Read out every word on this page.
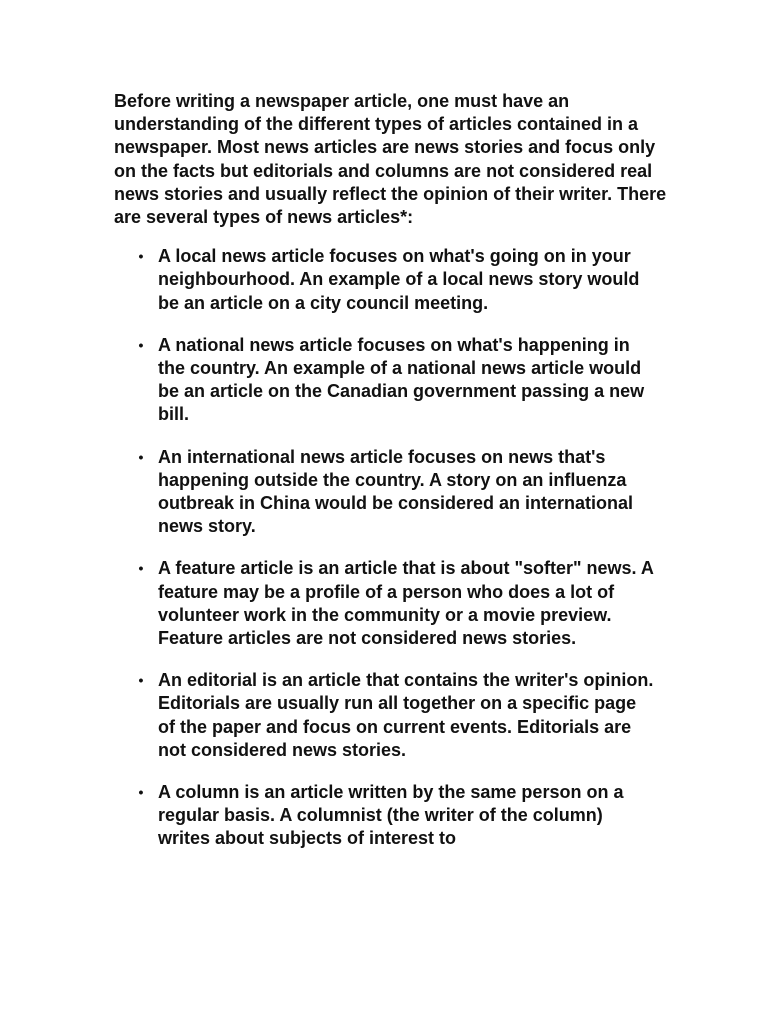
Before writing a newspaper article, one must have an understanding of the different types of articles contained in a newspaper. Most news articles are news stories and focus only on the facts but editorials and columns are not considered real news stories and usually reflect the opinion of their writer. There are several types of news articles*:

• A local news article focuses on what's going on in your neighbourhood. An example of a local news story would be an article on a city council meeting.
• A national news article focuses on what's happening in the country. An example of a national news article would be an article on the Canadian government passing a new bill.
• An international news article focuses on news that's happening outside the country. A story on an influenza outbreak in China would be considered an international news story.
• A feature article is an article that is about "softer" news. A feature may be a profile of a person who does a lot of volunteer work in the community or a movie preview. Feature articles are not considered news stories.
• An editorial is an article that contains the writer's opinion. Editorials are usually run all together on a specific page of the paper and focus on current events. Editorials are not considered news stories.
• A column is an article written by the same person on a regular basis. A columnist (the writer of the column) writes about subjects of interest to
